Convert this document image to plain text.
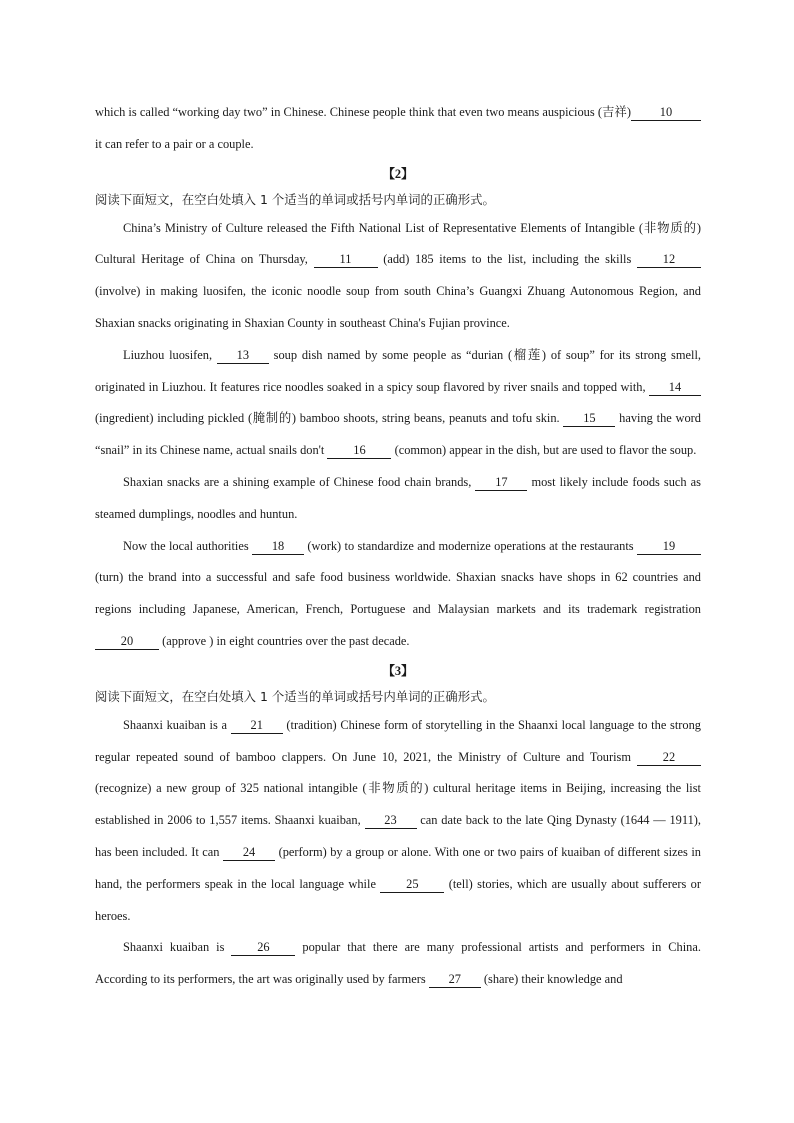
which is called “working day two” in Chinese. Chinese people think that even two means auspicious (吉祥) 10it can refer to a pair or a couple.

【2】

阅读下面短文，在空白处填入 1 个适当的单词或括号内单词的正确形式。

China’s Ministry of Culture released the Fifth National List of Representative Elements of Intangible (非物质的) Cultural Heritage of China on Thursday,	11	(add) 185 items to the list, including the skills	12 (involve) in making luosifen, the iconic noodle soup from south China’s Guangxi Zhuang Autonomous Region, and Shaxian snacks originating in Shaxian County in southeast China's Fujian province.

Liuzhou luosifen, 13 soup dish named by some people as “durian (榴莲) of soup” for its strong smell, originated in Liuzhou. It features rice noodles soaked in a spicy soup flavored by river snails and topped with, 14 (ingredient) including pickled (腌制的) bamboo shoots, string beans, peanuts and tofu skin. 15 having the word “snail” in its Chinese name, actual snails don't 16 (common) appear in the dish, but are used to flavor the soup.

Shaxian snacks are a shining example of Chinese food chain brands, 17 most likely include foods such as steamed dumplings, noodles and huntun.

Now the local authorities 18 (work) to standardize and modernize operations at the restaurants 19 (turn) the brand into a successful and safe food business worldwide. Shaxian snacks have shops in 62 countries and regions including Japanese, American, French, Portuguese and Malaysian markets and its trademark registration 20 (approve ) in eight countries over the past decade.

【3】

阅读下面短文，在空白处填入 1 个适当的单词或括号内单词的正确形式。

Shaanxi kuaiban is a 21 (tradition) Chinese form of storytelling in the Shaanxi local language to the strong regular repeated sound of bamboo clappers. On June 10, 2021, the Ministry of Culture and Tourism	22 (recognize) a new group of 325 national intangible (非物质的) cultural heritage items in Beijing, increasing the list established in 2006 to 1,557 items. Shaanxi kuaiban, 23 can date back to the late Qing Dynasty (1644 — 1911), has been included. It can 24 (perform) by a group or alone. With one or two pairs of kuaiban of different sizes in hand, the performers speak in the local language while 25 (tell) stories, which are usually about sufferers or heroes.

Shaanxi kuaiban is	26	popular that there are many professional artists and performers in China. According to its performers, the art was originally used by farmers 27 (share) their knowledge and
